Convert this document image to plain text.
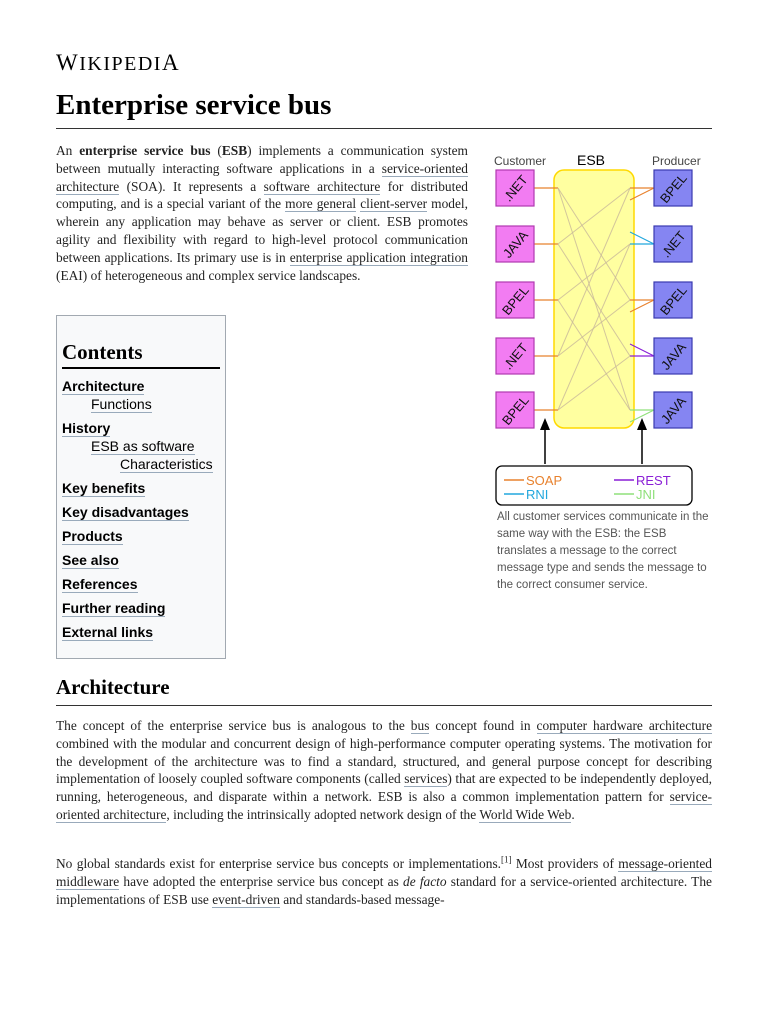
WIKIPEDIA
Enterprise service bus

An enterprise service bus (ESB) implements a communication system between mutually interacting software applications in a service-oriented architecture (SOA). It represents a software architecture for distributed computing, and is a special variant of the more general client-server model, wherein any application may behave as server or client. ESB promotes agility and flexibility with regard to high-level protocol communication between applications. Its primary use is in enterprise application integration (EAI) of heterogeneous and complex service landscapes.

Contents
Architecture
Functions
History
ESB as software
Characteristics
Key benefits
Key disadvantages
Products
See also
References
Further reading
External links
Customer ESB	Producer
.NET
JAVA
BPEL
.NET
BPEL
BPEL
.NET
BPEL
JAVA
JAVA
SOAP	REST
RNI	JNI

All customer services communicate in the same way with the ESB: the ESB translates a message to the correct message type and sends the message to the correct consumer service.

Architecture

The concept of the enterprise service bus is analogous to the bus concept found in computer hardware architecture combined with the modular and concurrent design of high-performance computer operating systems. The motivation for the development of the architecture was to find a standard, structured, and general purpose concept for describing implementation of loosely coupled software components (called services) that are expected to be independently deployed, running, heterogeneous, and disparate within a network. ESB is also a common implementation pattern for service-oriented architecture, including the intrinsically adopted network design of the World Wide Web.

No global standards exist for enterprise service bus concepts or implementations.[1] Most providers of message-oriented middleware have adopted the enterprise service bus concept as de facto standard for a service-oriented architecture. The implementations of ESB use event-driven and standards-based message-
